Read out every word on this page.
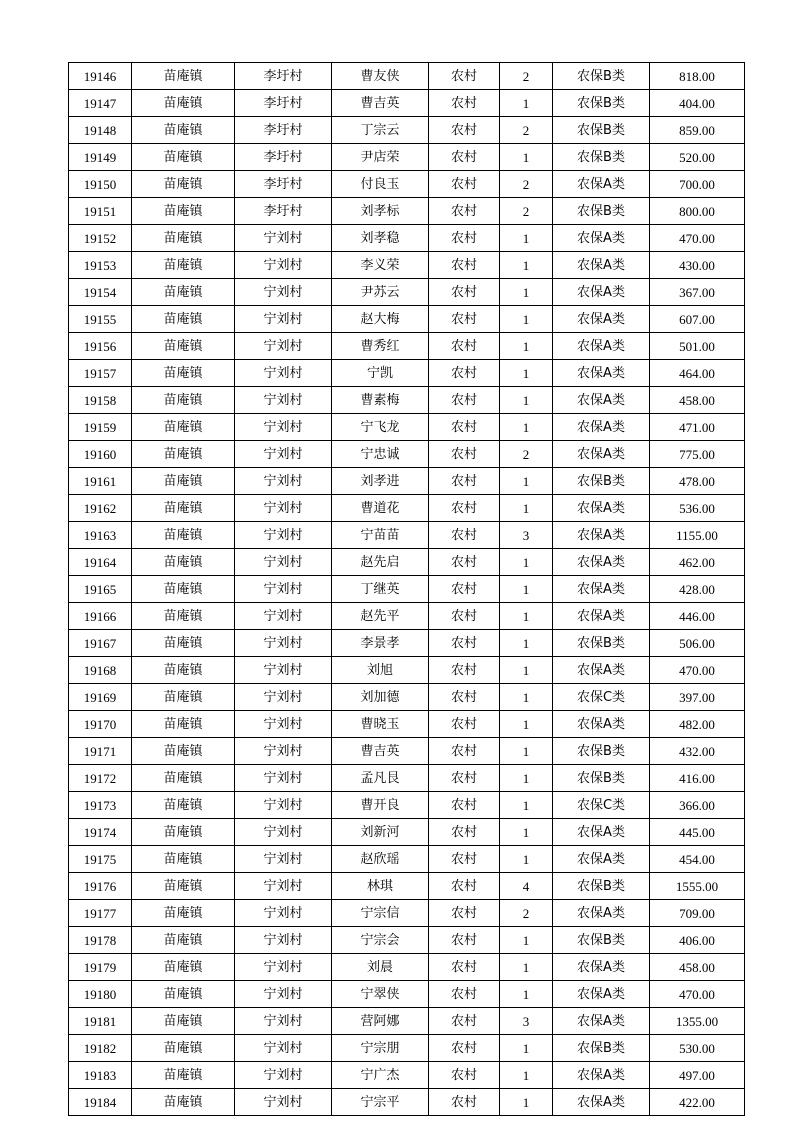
19146	苗庵镇	李圩村	曹友侠	农村	2	农保B类	818.00
19147	苗庵镇	李圩村	曹吉英	农村	1	农保B类	404.00
19148	苗庵镇	李圩村	丁宗云	农村	2	农保B类	859.00
19149	苗庵镇	李圩村	尹店荣	农村	1	农保B类	520.00
19150	苗庵镇	李圩村	付良玉	农村	2	农保A类	700.00
19151	苗庵镇	李圩村	刘孝标	农村	2	农保B类	800.00
19152	苗庵镇	宁刘村	刘孝稳	农村	1	农保A类	470.00
19153	苗庵镇	宁刘村	李义荣	农村	1	农保A类	430.00
19154	苗庵镇	宁刘村	尹苏云	农村	1	农保A类	367.00
19155	苗庵镇	宁刘村	赵大梅	农村	1	农保A类	607.00
19156	苗庵镇	宁刘村	曹秀红	农村	1	农保A类	501.00
19157	苗庵镇	宁刘村	宁凯	农村	1	农保A类	464.00
19158	苗庵镇	宁刘村	曹素梅	农村	1	农保A类	458.00
19159	苗庵镇	宁刘村	宁飞龙	农村	1	农保A类	471.00
19160	苗庵镇	宁刘村	宁忠诚	农村	2	农保A类	775.00
19161	苗庵镇	宁刘村	刘孝进	农村	1	农保B类	478.00
19162	苗庵镇	宁刘村	曹道花	农村	1	农保A类	536.00
19163	苗庵镇	宁刘村	宁苗苗	农村	3	农保A类	1155.00
19164	苗庵镇	宁刘村	赵先启	农村	1	农保A类	462.00
19165	苗庵镇	宁刘村	丁继英	农村	1	农保A类	428.00
19166	苗庵镇	宁刘村	赵先平	农村	1	农保A类	446.00
19167	苗庵镇	宁刘村	李景孝	农村	1	农保B类	506.00
19168	苗庵镇	宁刘村	刘旭	农村	1	农保A类	470.00
19169	苗庵镇	宁刘村	刘加德	农村	1	农保C类	397.00
19170	苗庵镇	宁刘村	曹晓玉	农村	1	农保A类	482.00
19171	苗庵镇	宁刘村	曹吉英	农村	1	农保B类	432.00
19172	苗庵镇	宁刘村	孟凡艮	农村	1	农保B类	416.00
19173	苗庵镇	宁刘村	曹开良	农村	1	农保C类	366.00
19174	苗庵镇	宁刘村	刘新河	农村	1	农保A类	445.00
19175	苗庵镇	宁刘村	赵欣瑶	农村	1	农保A类	454.00
19176	苗庵镇	宁刘村	林琪	农村	4	农保B类	1555.00
19177	苗庵镇	宁刘村	宁宗信	农村	2	农保A类	709.00
19178	苗庵镇	宁刘村	宁宗会	农村	1	农保B类	406.00
19179	苗庵镇	宁刘村	刘晨	农村	1	农保A类	458.00
19180	苗庵镇	宁刘村	宁翠侠	农村	1	农保A类	470.00
19181	苗庵镇	宁刘村	营阿娜	农村	3	农保A类	1355.00
19182	苗庵镇	宁刘村	宁宗朋	农村	1	农保B类	530.00
19183	苗庵镇	宁刘村	宁广杰	农村	1	农保A类	497.00
19184	苗庵镇	宁刘村	宁宗平	农村	1	农保A类	422.00
